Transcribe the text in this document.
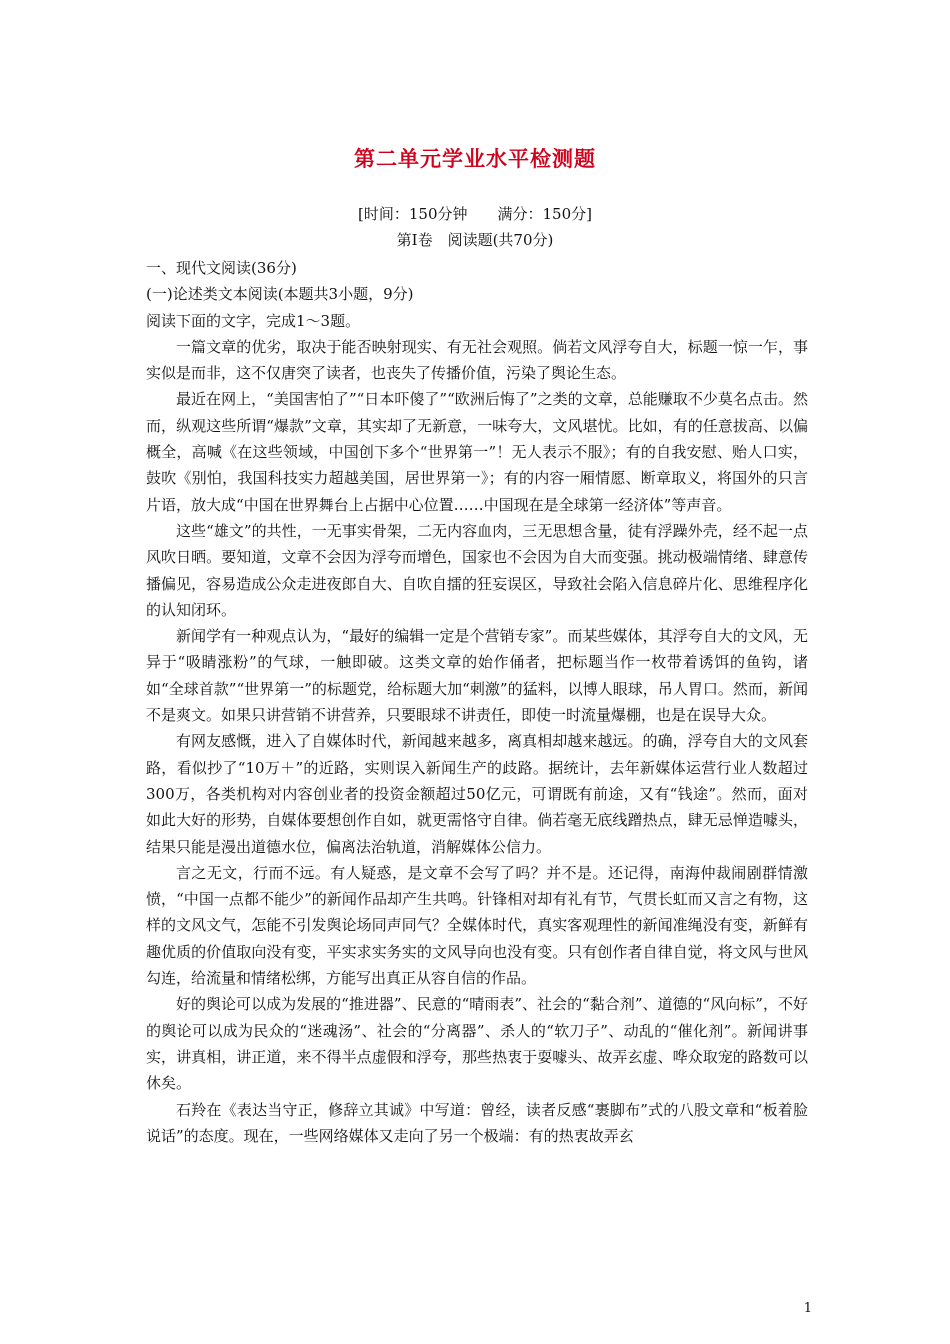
第二单元学业水平检测题
[时间：150分钟　　满分：150分]
第Ⅰ卷　阅读题(共70分)

一、现代文阅读(36分)

(一)论述类文本阅读(本题共3小题，9分)

阅读下面的文字，完成1～3题。

一篇文章的优劣，取决于能否映射现实、有无社会观照。倘若文风浮夸自大，标题一惊一乍，事实似是而非，这不仅唐突了读者，也丧失了传播价值，污染了舆论生态。

最近在网上，“美国害怕了”“日本吓傻了”“欧洲后悔了”之类的文章，总能赚取不少莫名点击。然而，纵观这些所谓“爆款”文章，其实却了无新意，一味夸大，文风堪忧。比如，有的任意拔高、以偏概全，高喊《在这些领域，中国创下多个“世界第一”！无人表示不服》；有的自我安慰、贻人口实，鼓吹《别怕，我国科技实力超越美国，居世界第一》；有的内容一厢情愿、断章取义，将国外的只言片语，放大成“中国在世界舞台上占据中心位置……中国现在是全球第一经济体”等声音。

这些“雄文”的共性，一无事实骨架，二无内容血肉，三无思想含量，徒有浮躁外壳，经不起一点风吹日晒。要知道，文章不会因为浮夸而增色，国家也不会因为自大而变强。挑动极端情绪、肆意传播偏见，容易造成公众走进夜郎自大、自吹自擂的狂妄误区，导致社会陷入信息碎片化、思维程序化的认知闭环。

新闻学有一种观点认为，“最好的编辑一定是个营销专家”。而某些媒体，其浮夸自大的文风，无异于“吸睛涨粉”的气球，一触即破。这类文章的始作俑者，把标题当作一枚带着诱饵的鱼钩，诸如“全球首款”“世界第一”的标题党，给标题大加“刺激”的猛料，以博人眼球，吊人胃口。然而，新闻不是爽文。如果只讲营销不讲营养，只要眼球不讲责任，即使一时流量爆棚，也是在误导大众。

有网友感慨，进入了自媒体时代，新闻越来越多，离真相却越来越远。的确，浮夸自大的文风套路，看似抄了“10万＋”的近路，实则误入新闻生产的歧路。据统计，去年新媒体运营行业人数超过300万，各类机构对内容创业者的投资金额超过50亿元，可谓既有前途，又有“钱途”。然而，面对如此大好的形势，自媒体要想创作自如，就更需恪守自律。倘若毫无底线蹭热点，肆无忌惮造噱头，结果只能是漫出道德水位，偏离法治轨道，消解媒体公信力。

言之无文，行而不远。有人疑惑，是文章不会写了吗？并不是。还记得，南海仲裁闹剧群情激愤，“中国一点都不能少”的新闻作品却产生共鸣。针锋相对却有礼有节，气贯长虹而又言之有物，这样的文风文气，怎能不引发舆论场同声同气？全媒体时代，真实客观理性的新闻准绳没有变，新鲜有趣优质的价值取向没有变，平实求实务实的文风导向也没有变。只有创作者自律自觉，将文风与世风勾连，给流量和情绪松绑，方能写出真正从容自信的作品。

好的舆论可以成为发展的“推进器”、民意的“晴雨表”、社会的“黏合剂”、道德的“风向标”，不好的舆论可以成为民众的“迷魂汤”、社会的“分离器”、杀人的“软刀子”、动乱的“催化剂”。新闻讲事实，讲真相，讲正道，来不得半点虚假和浮夸，那些热衷于耍噱头、故弄玄虚、哗众取宠的路数可以休矣。

石羚在《表达当守正，修辞立其诚》中写道：曾经，读者反感“裹脚布”式的八股文章和“板着脸说话”的态度。现在，一些网络媒体又走向了另一个极端：有的热衷故弄玄

1
